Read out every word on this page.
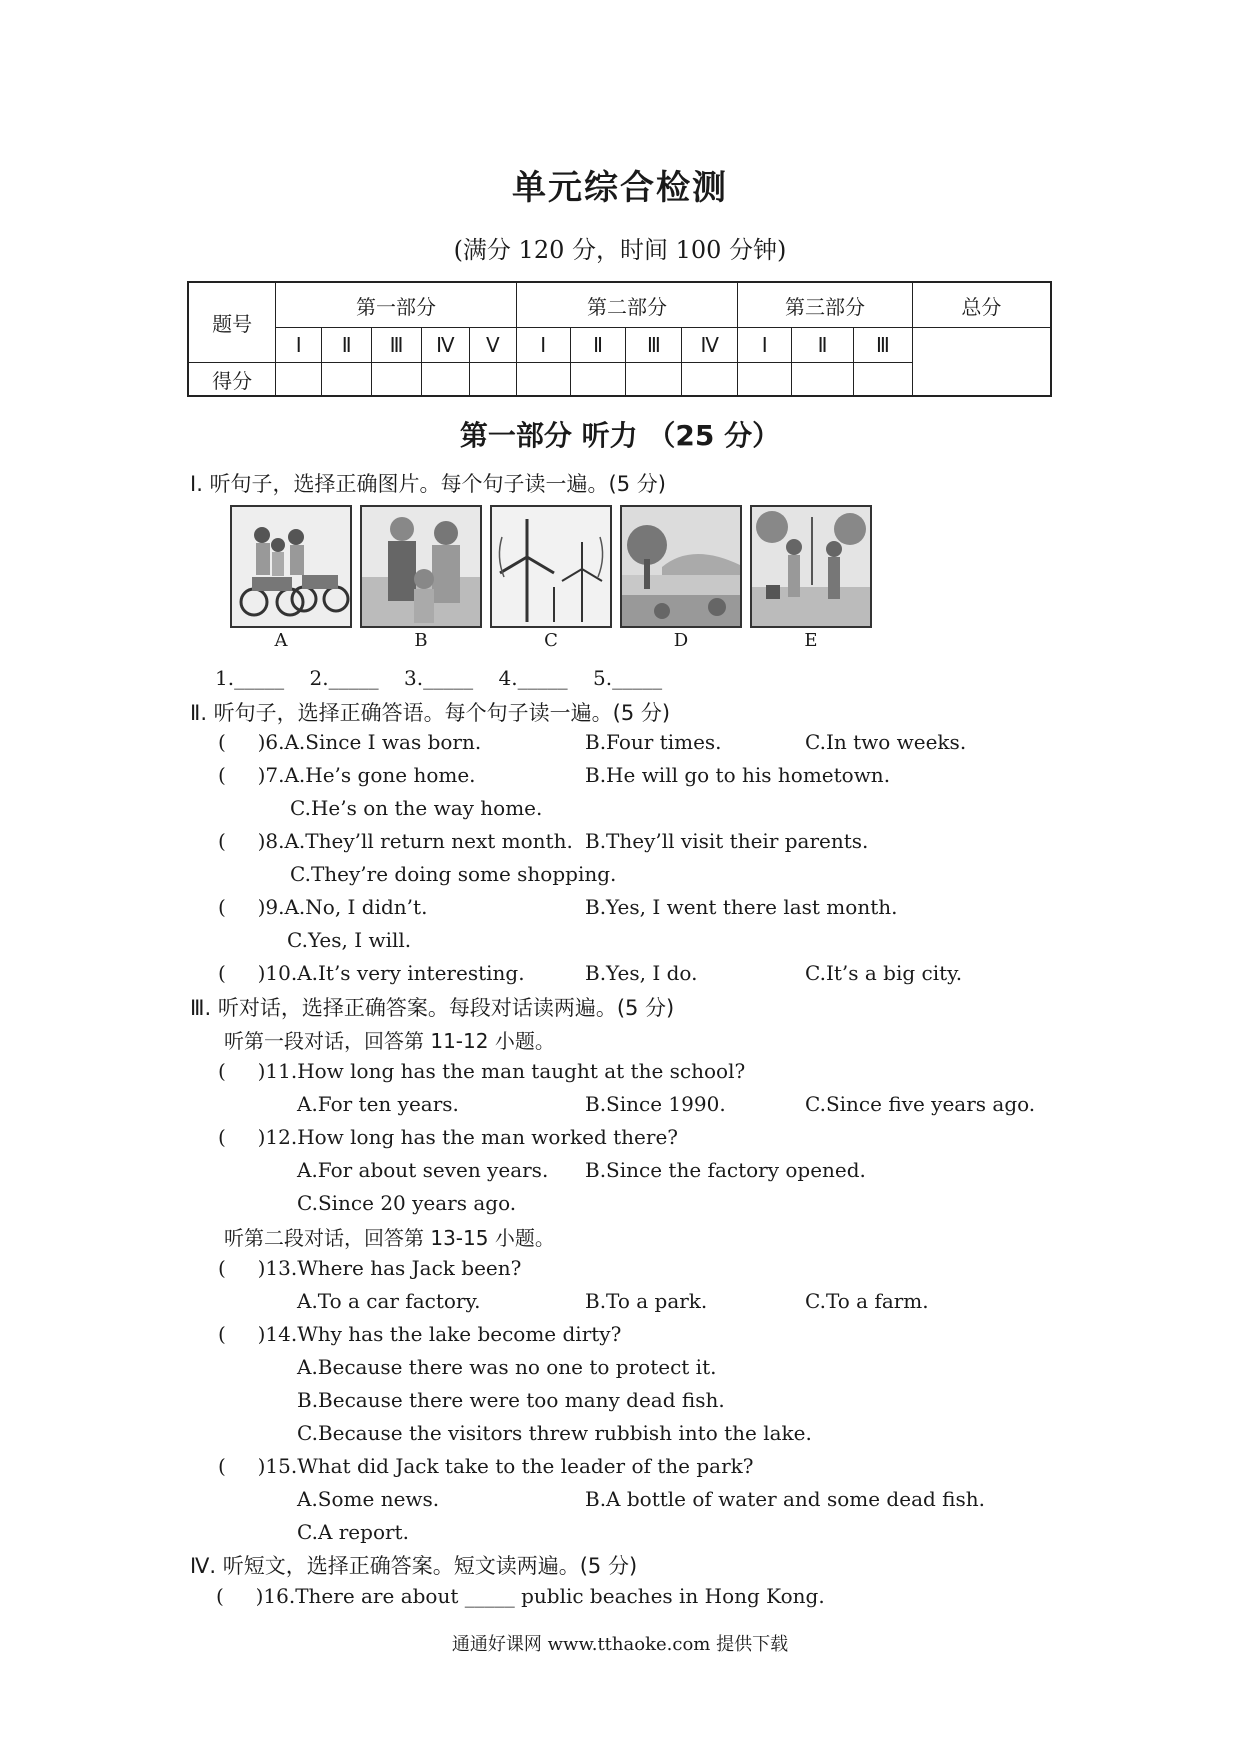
单元综合检测
(满分 120 分，时间 100 分钟)
题号	第一部分					第二部分				第三部分			总分
	Ⅰ	Ⅱ	Ⅲ	Ⅳ	Ⅴ	Ⅰ	Ⅱ	Ⅲ	Ⅳ	Ⅰ	Ⅱ	Ⅲ	
得分													
第一部分 听力 （25 分）
Ⅰ. 听句子，选择正确图片。每个句子读一遍。(5 分)
A	B	C	D	E
1._____    2._____    3._____    4._____    5._____
Ⅱ. 听句子，选择正确答语。每个句子读一遍。(5 分)
(     )6.A.Since I was born.	B.Four times.	C.In two weeks.
(     )7.A.He’s gone home.	B.He will go to his hometown.
C.He’s on the way home.
(     )8.A.They’ll return next month. B.They’ll visit their parents.
C.They’re doing some shopping.
(     )9.A.No, I didn’t.	B.Yes, I went there last month.
C.Yes, I will.
(     )10.A.It’s very interesting.	B.Yes, I do.	C.It’s a big city.
Ⅲ. 听对话，选择正确答案。每段对话读两遍。(5 分)
听第一段对话，回答第 11-12 小题。
(     )11.How long has the man taught at the school?
A.For ten years.	B.Since 1990.	C.Since five years ago.
(     )12.How long has the man worked there?
A.For about seven years. B.Since the factory opened.
C.Since 20 years ago.
听第二段对话，回答第 13-15 小题。
(     )13.Where has Jack been?
A.To a car factory.	B.To a park.	C.To a farm.
(     )14.Why has the lake become dirty?
A.Because there was no one to protect it.
B.Because there were too many dead fish.
C.Because the visitors threw rubbish into the lake.
(     )15.What did Jack take to the leader of the park?
A.Some news.	B.A bottle of water and some dead fish.
C.A report.
Ⅳ. 听短文，选择正确答案。短文读两遍。(5 分)
(     )16.There are about _____ public beaches in Hong Kong.
通通好课网 www.tthaoke.com 提供下载
